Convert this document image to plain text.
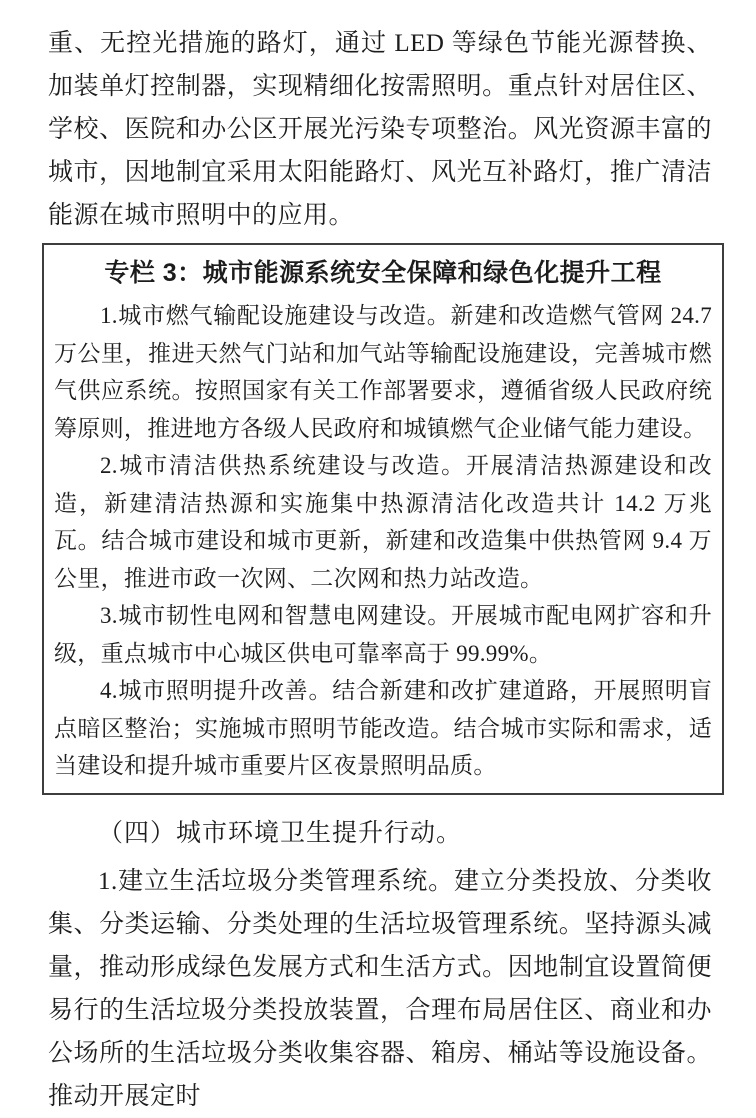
重、无控光措施的路灯，通过 LED 等绿色节能光源替换、加装单灯控制器，实现精细化按需照明。重点针对居住区、学校、医院和办公区开展光污染专项整治。风光资源丰富的城市，因地制宜采用太阳能路灯、风光互补路灯，推广清洁能源在城市照明中的应用。

专栏 3：城市能源系统安全保障和绿色化提升工程

1.城市燃气输配设施建设与改造。新建和改造燃气管网 24.7 万公里，推进天然气门站和加气站等输配设施建设，完善城市燃气供应系统。按照国家有关工作部署要求，遵循省级人民政府统筹原则，推进地方各级人民政府和城镇燃气企业储气能力建设。

2.城市清洁供热系统建设与改造。开展清洁热源建设和改造，新建清洁热源和实施集中热源清洁化改造共计 14.2 万兆瓦。结合城市建设和城市更新，新建和改造集中供热管网 9.4 万公里，推进市政一次网、二次网和热力站改造。

3.城市韧性电网和智慧电网建设。开展城市配电网扩容和升级，重点城市中心城区供电可靠率高于 99.99%。

4.城市照明提升改善。结合新建和改扩建道路，开展照明盲点暗区整治；实施城市照明节能改造。结合城市实际和需求，适当建设和提升城市重要片区夜景照明品质。

（四）城市环境卫生提升行动。

1.建立生活垃圾分类管理系统。建立分类投放、分类收集、分类运输、分类处理的生活垃圾管理系统。坚持源头减量，推动形成绿色发展方式和生活方式。因地制宜设置简便易行的生活垃圾分类投放装置，合理布局居住区、商业和办公场所的生活垃圾分类收集容器、箱房、桶站等设施设备。推动开展定时
